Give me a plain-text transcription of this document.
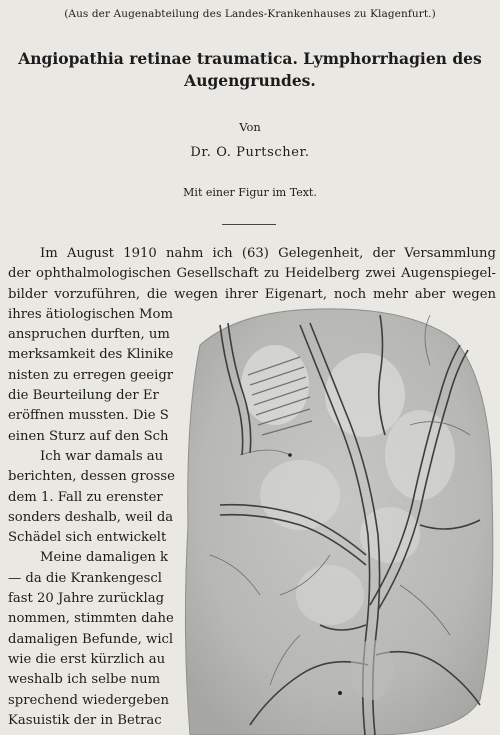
(Aus der Augenabteilung des Landes-Krankenhauses zu Klagenfurt.)
Angiopathia retinae traumatica. Lymphorrhagien des
Augengrundes.
Von
Dr. O. Purtscher.
Mit einer Figur im Text.
Im August 1910 nahm ich (63) Gelegenheit, der Versammlung
der ophthalmologischen Gesellschaft zu Heidelberg zwei Augenspiegel-
bilder vorzuführen, die wegen ihrer Eigenart, noch mehr aber wegen
ihres ätiologischen Mom
anspruchen durften, um
merksamkeit des Klinike
nisten zu erregen geeigr
die Beurteilung der Er
eröffnen mussten. Die S
einen Sturz auf den Sch
Ich war damals au
berichten, dessen grosse
dem 1. Fall zu erenster
sonders deshalb, weil da
Schädel sich entwickelt
Meine damaligen k
— da die Krankengescl
fast 20 Jahre zurücklag
nommen, stimmten dahe
damaligen Befunde, wicl
wie die erst kürzlich au
weshalb ich selbe num
sprechend wiedergeben
Kasuistik der in Betrac
